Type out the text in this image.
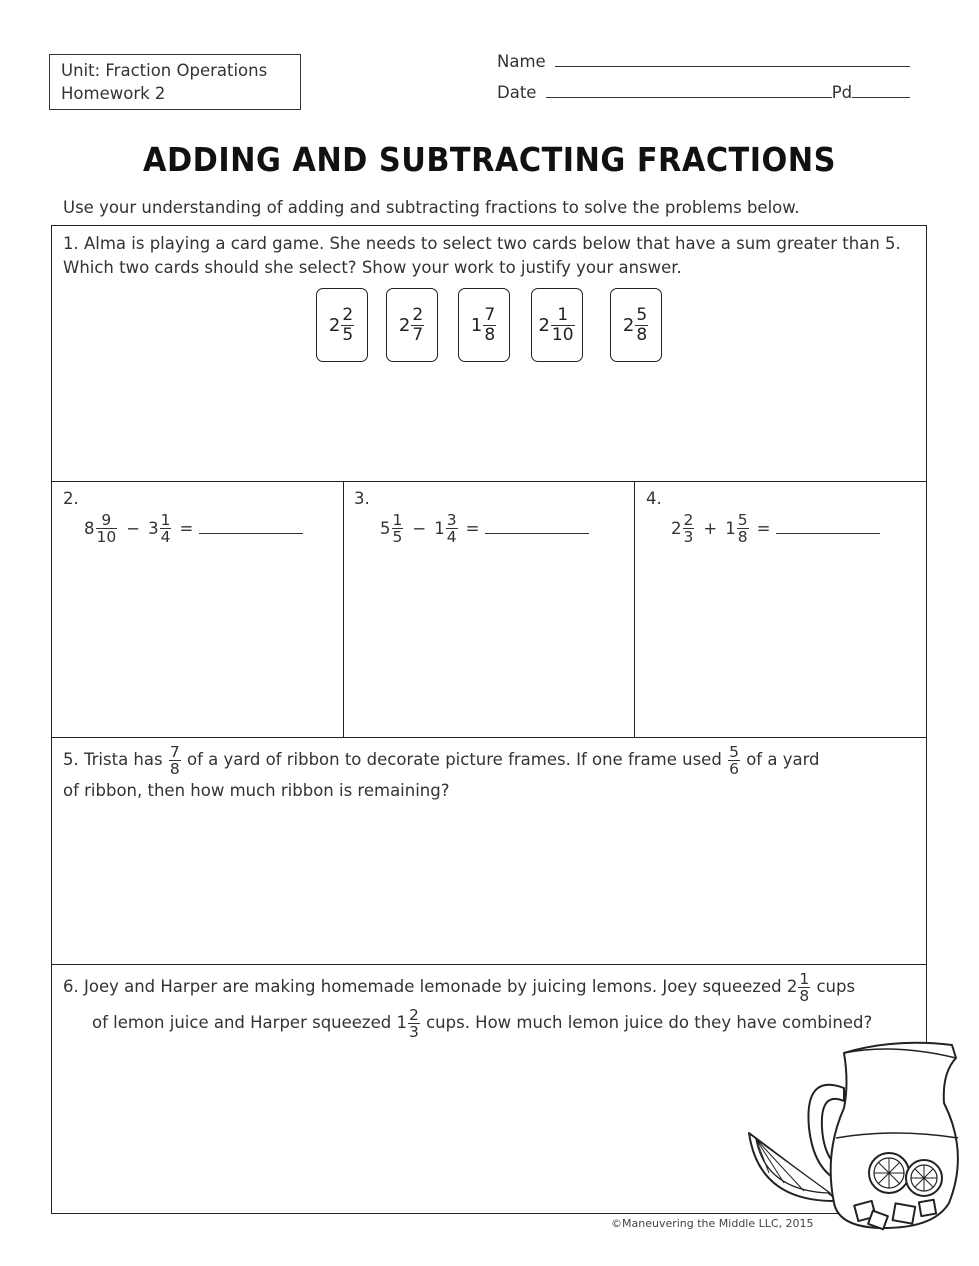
Unit: Fraction Operations
Homework 2
Name
Date	Pd
ADDING AND SUBTRACTING FRACTIONS
Use your understanding of adding and subtracting fractions to solve the problems below.
1. Alma is playing a card game. She needs to select two cards below that have a sum greater than 5. Which two cards should she select? Show your work to justify your answer.
$2 \frac{2}{5} 2 \frac{2}{7}$	$1 \frac{7}{8} 2 \frac{1}{10}$	$2 \frac{5}{8}$
2.
$8 \frac{9}{10} - 3 \frac{1}{4}$ =
3.
$5 \frac{1}{5} - 1 \frac{3}{4}$ =
4.
$2 \frac{2}{3} + 1 \frac{5}{8}$ =
5. Trista has $\frac{7}{8}$ of a yard of ribbon to decorate picture frames. If one frame used $\frac{5}{6}$ of a yard
of ribbon, then how much ribbon is remaining?
6. Joey and Harper are making homemade lemonade by juicing lemons. Joey squeezed $2 \frac{1}{8}$ cups
of lemon juice and Harper squeezed $1 \frac{2}{3}$ cups. How much lemon juice do they have combined?
©Maneuvering the Middle LLC, 2015
